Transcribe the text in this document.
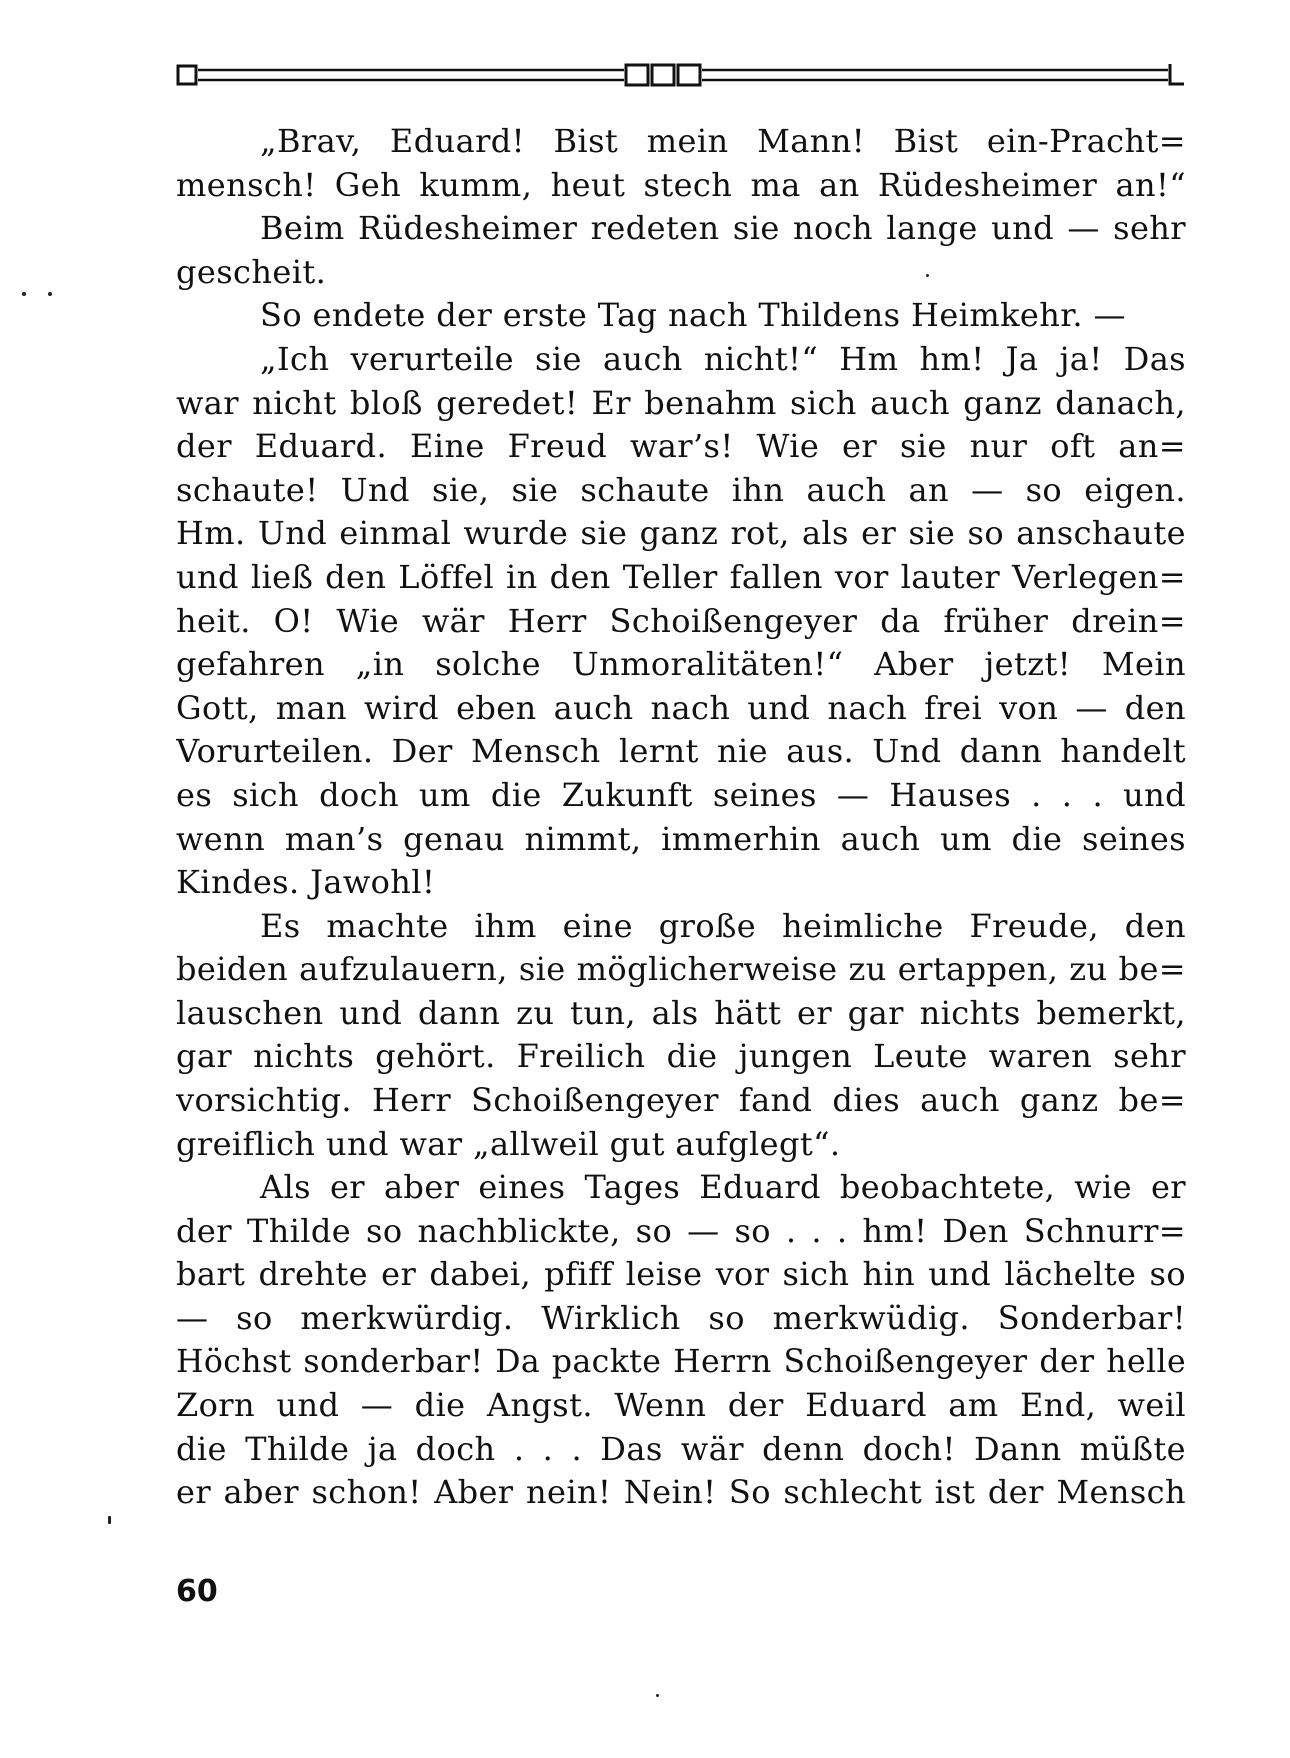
„Brav, Eduard! Bist mein Mann! Bist ein-Pracht=
mensch! Geh kumm, heut stech ma an Rüdesheimer an!“
Beim Rüdesheimer redeten sie noch lange und — sehr
gescheit.
So endete der erste Tag nach Thildens Heimkehr. —
„Ich verurteile sie auch nicht!“ Hm hm! Ja ja! Das
war nicht bloß geredet! Er benahm sich auch ganz danach,
der Eduard. Eine Freud war’s! Wie er sie nur oft an=
schaute! Und sie, sie schaute ihn auch an — so eigen.
Hm. Und einmal wurde sie ganz rot, als er sie so anschaute
und ließ den Löffel in den Teller fallen vor lauter Verlegen=
heit. O! Wie wär Herr Schoißengeyer da früher drein=
gefahren „in solche Unmoralitäten!“ Aber jetzt! Mein
Gott, man wird eben auch nach und nach frei von — den
Vorurteilen. Der Mensch lernt nie aus. Und dann handelt
es sich doch um die Zukunft seines — Hauses . . . und
wenn man’s genau nimmt, immerhin auch um die seines
Kindes. Jawohl!
Es machte ihm eine große heimliche Freude, den
beiden aufzulauern, sie möglicherweise zu ertappen, zu be=
lauschen und dann zu tun, als hätt er gar nichts bemerkt,
gar nichts gehört. Freilich die jungen Leute waren sehr
vorsichtig. Herr Schoißengeyer fand dies auch ganz be=
greiflich und war „allweil gut aufglegt“.
Als er aber eines Tages Eduard beobachtete, wie er
der Thilde so nachblickte, so — so . . . hm! Den Schnurr=
bart drehte er dabei, pfiff leise vor sich hin und lächelte so
— so merkwürdig. Wirklich so merkwüdig. Sonderbar!
Höchst sonderbar! Da packte Herrn Schoißengeyer der helle
Zorn und — die Angst. Wenn der Eduard am End, weil
die Thilde ja doch . . . Das wär denn doch! Dann müßte
er aber schon! Aber nein! Nein! So schlecht ist der Mensch
60
